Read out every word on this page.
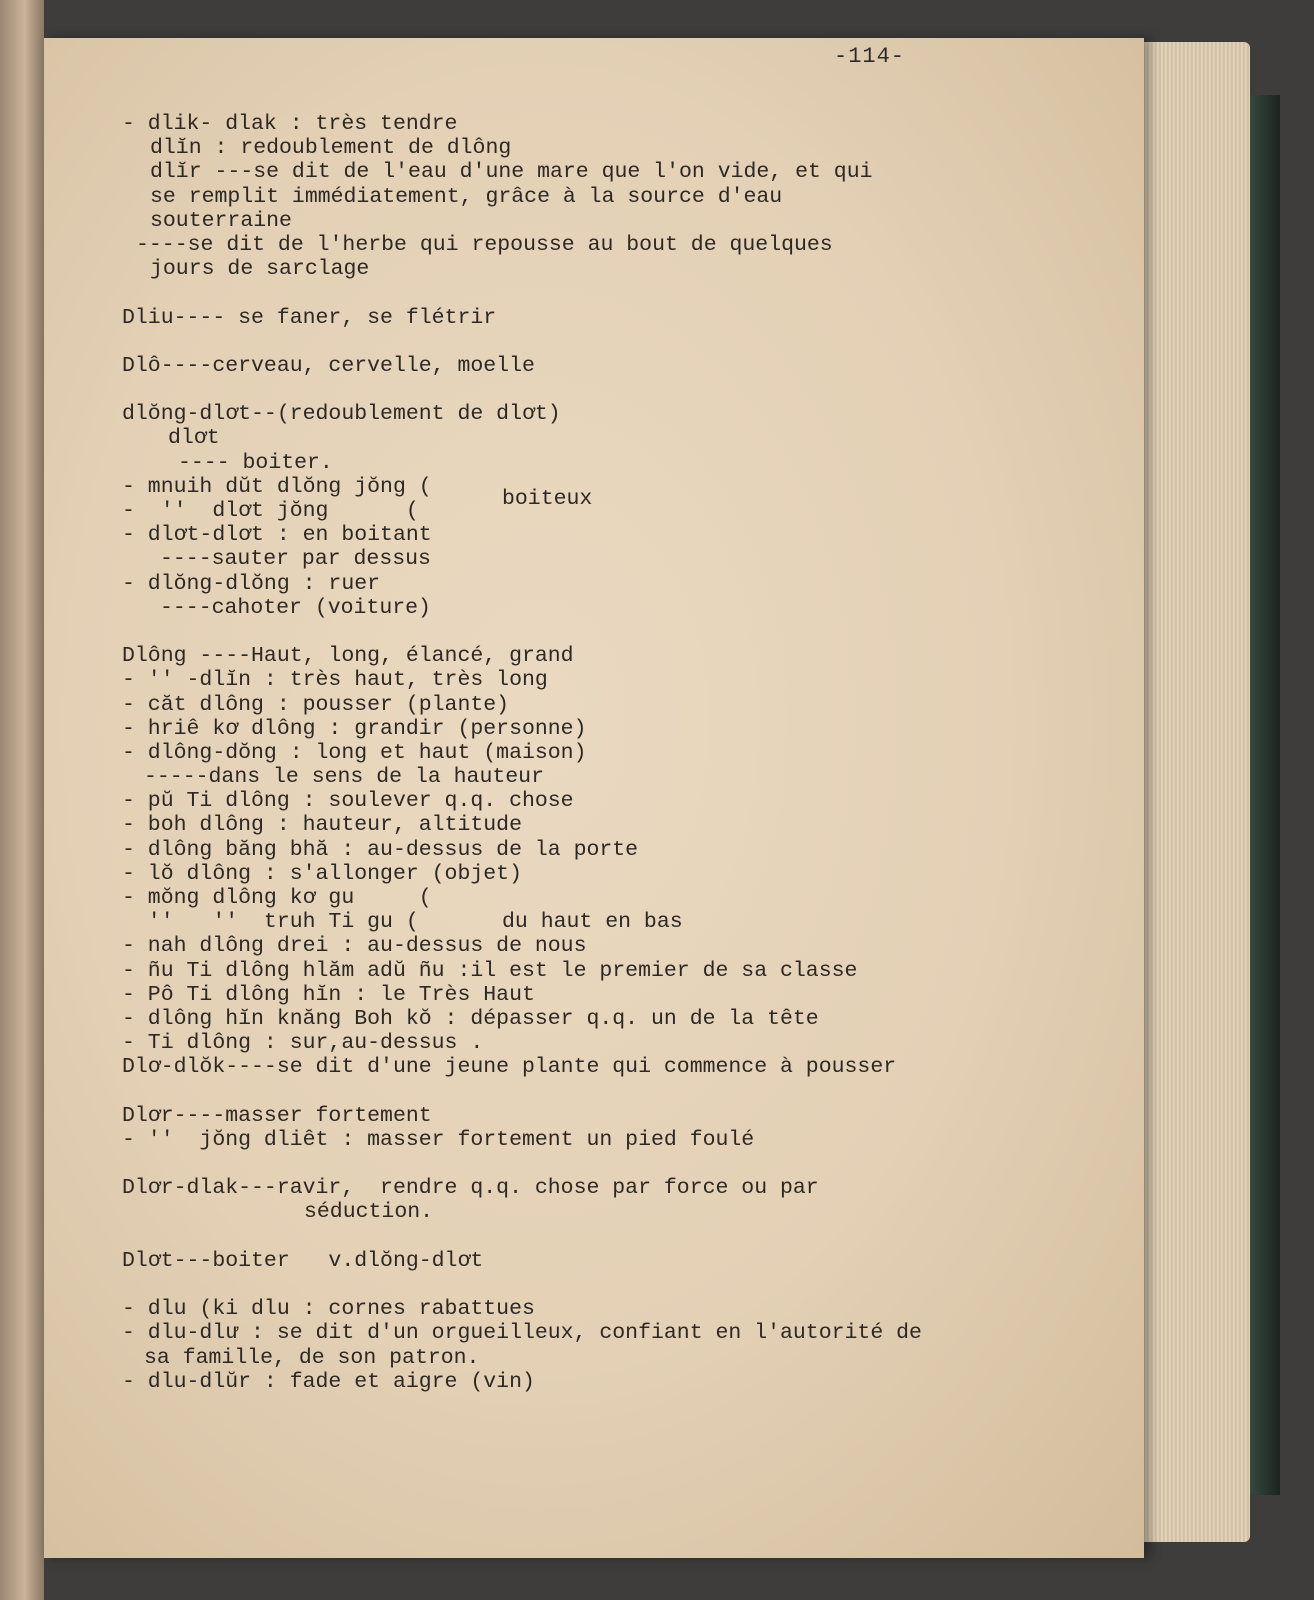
-114-

- dlik- dlak : très tendre

dlĭn : redoublement de dlông

dlĭr ---se dit de l'eau d'une mare que l'on vide, et qui

se remplit immédiatement, grâce à la source d'eau

souterraine

----se dit de l'herbe qui repousse au bout de quelques

jours de sarclage

Dliu---- se faner, se flétrir

Dlô----cerveau, cervelle, moelle

dlŏng-dlơt--(redoublement de dlơt)

dlơt

---- boiter.

- mnuih dŭt dlŏng jŏng (

-  ''  dlơt jŏng      (	boiteux

- dlơt-dlơt : en boitant

----sauter par dessus

- dlŏng-dlŏng : ruer

----cahoter (voiture)

Dlông ----Haut, long, élancé, grand

- '' -dlĭn : très haut, très long

- căt dlông : pousser (plante)

- hriê kơ dlông : grandir (personne)

- dlông-dŏng : long et haut (maison)

-----dans le sens de la hauteur

- pŭ Ti dlông : soulever q.q. chose

- boh dlông : hauteur, altitude

- dlông băng bhă : au-dessus de la porte

- lŏ dlông : s'allonger (objet)

- mŏng dlông kơ gu     (

''   ''  truh Ti gu (	du haut en bas

- nah dlông drei : au-dessus de nous

- ñu Ti dlông hlăm adŭ ñu :il est le premier de sa classe

- Pô Ti dlông hĭn : le Très Haut

- dlông hĭn knăng Boh kŏ : dépasser q.q. un de la tête

- Ti dlông : sur,au-dessus .

Dlơ-dlŏk----se dit d'une jeune plante qui commence à pousser

Dlơr----masser fortement

- ''  jŏng dliêt : masser fortement un pied foulé

Dlơr-dlak---ravir,  rendre q.q. chose par force ou par

séduction.

Dlơt---boiter   v.dlŏng-dlơt

- dlu (ki dlu : cornes rabattues

- dlu-dlư : se dit d'un orgueilleux, confiant en l'autorité de

sa famille, de son patron.

- dlu-dlŭr : fade et aigre (vin)
